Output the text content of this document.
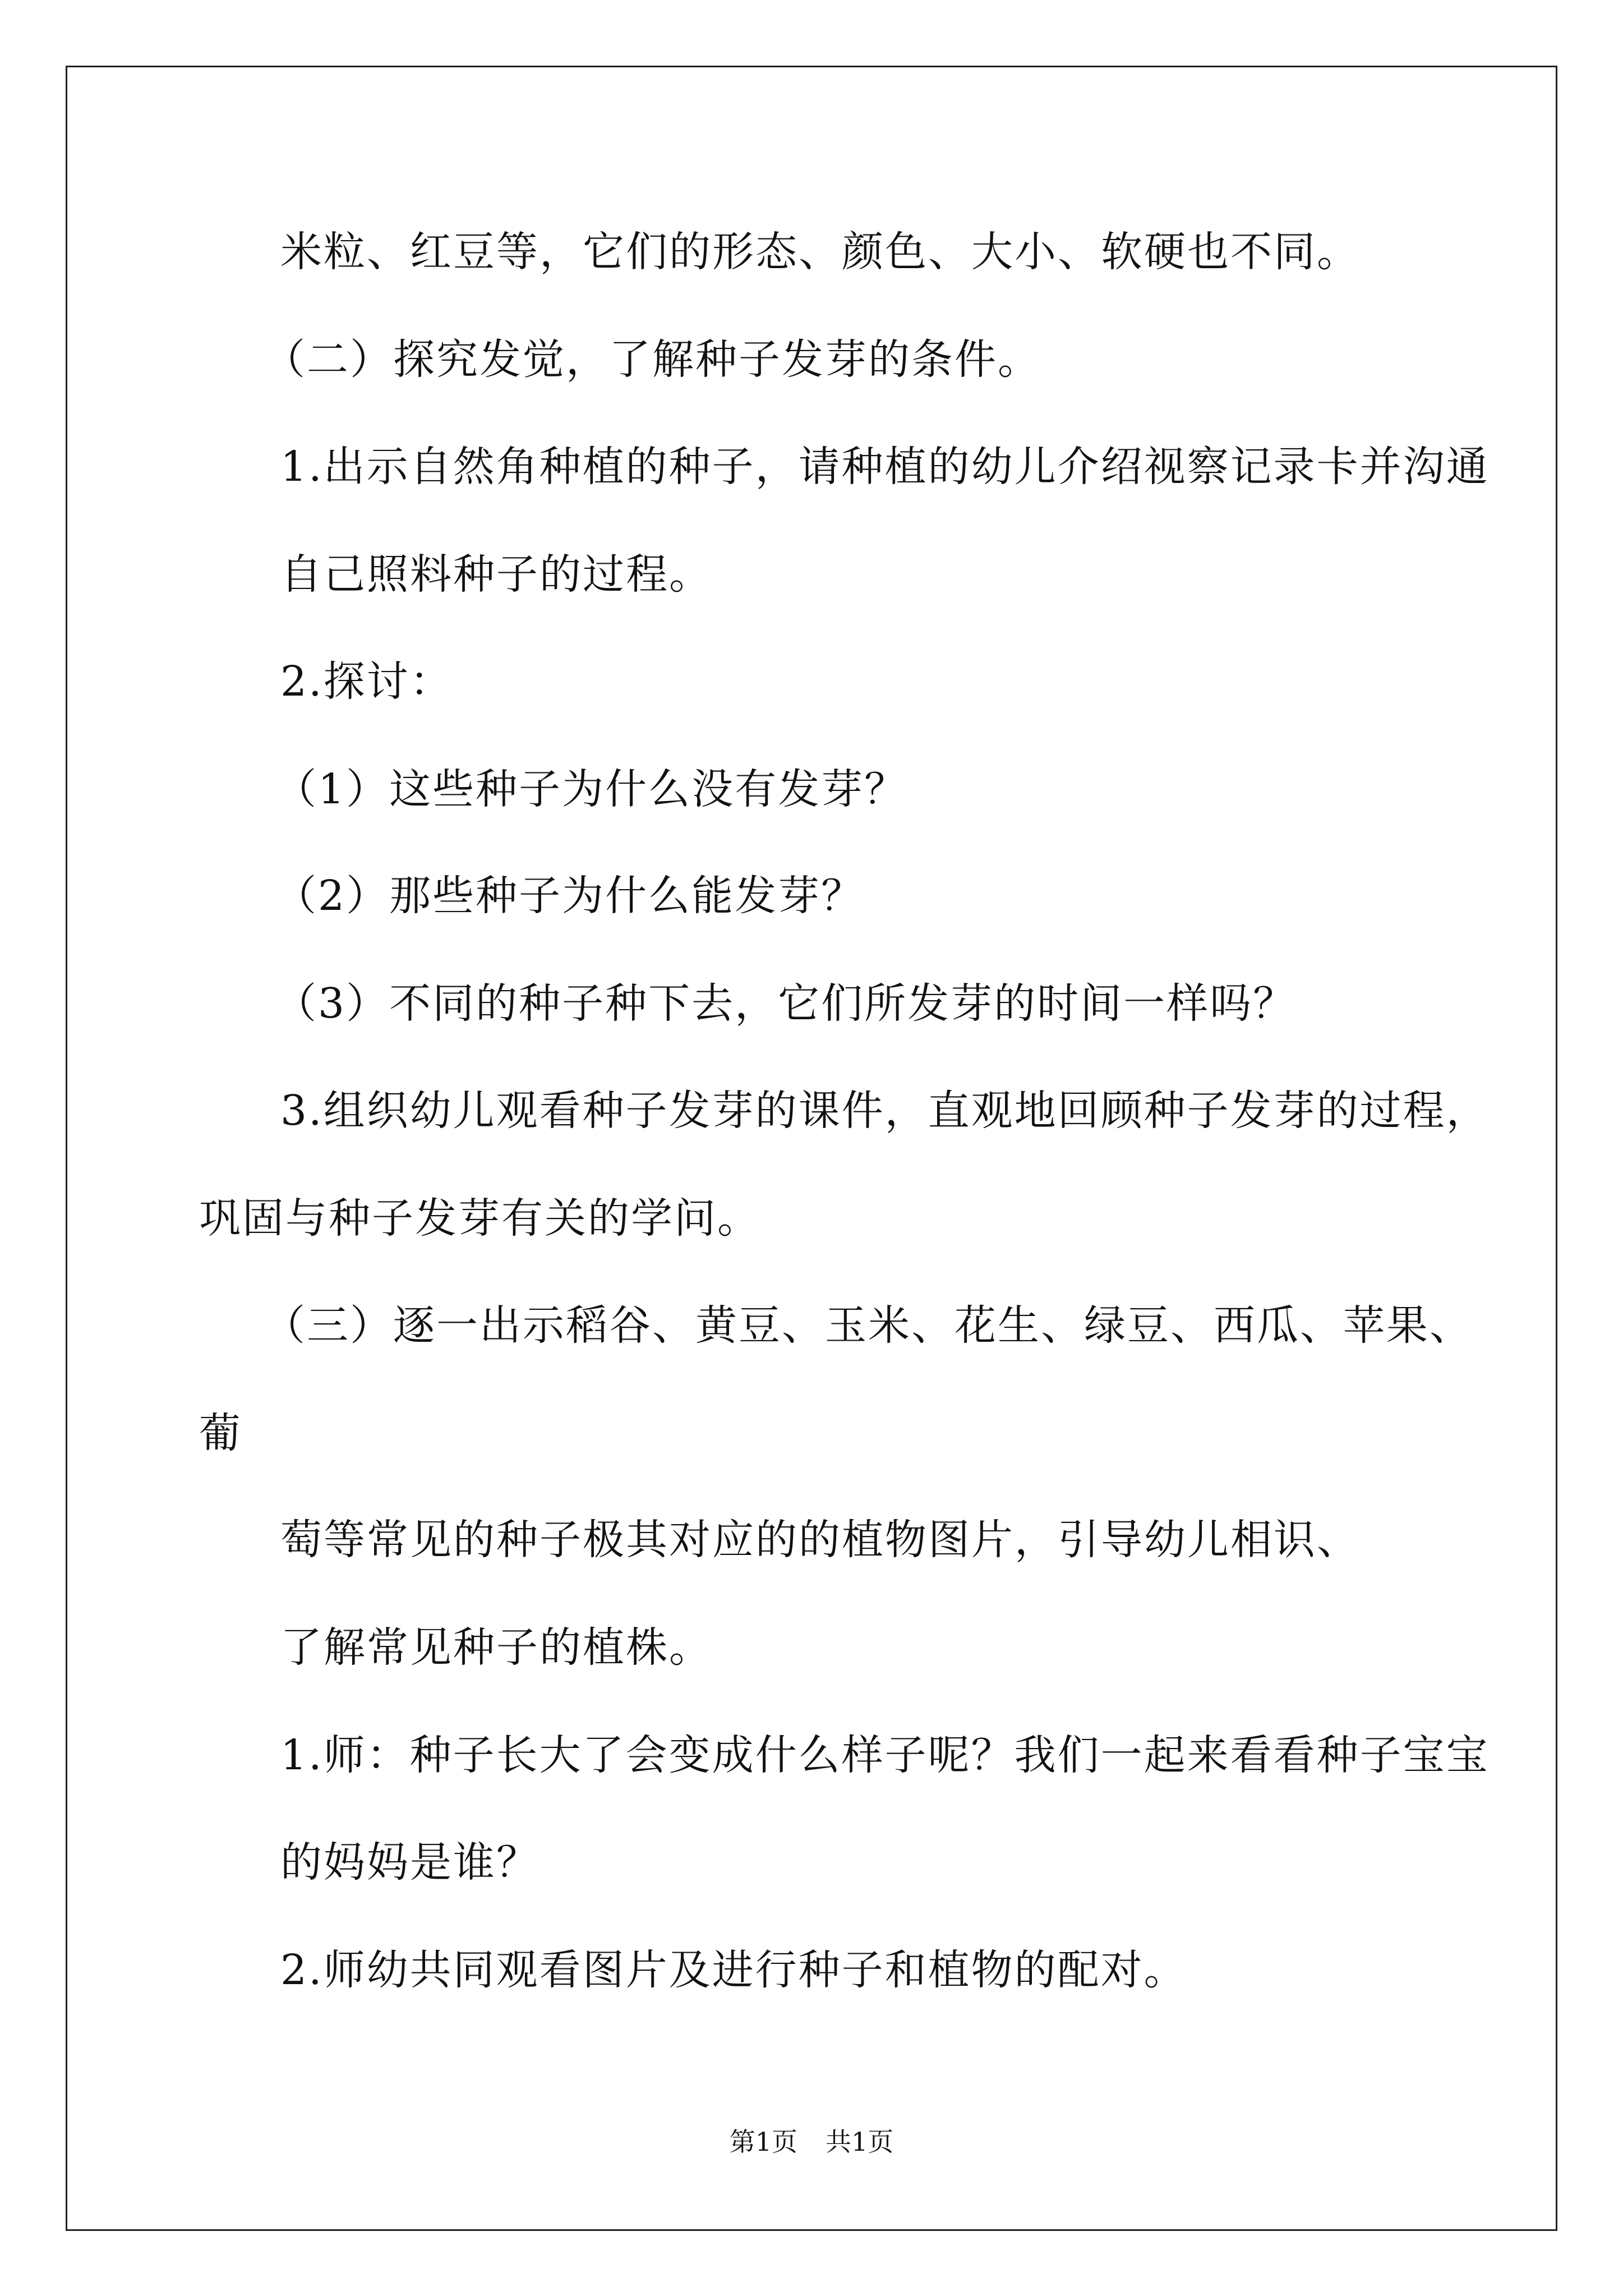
米粒、红豆等，它们的形态、颜色、大小、软硬也不同。
（二）探究发觉，了解种子发芽的条件。
1.出示自然角种植的种子，请种植的幼儿介绍视察记录卡并沟通
自己照料种子的过程。
2.探讨：
（1）这些种子为什么没有发芽？
（2）那些种子为什么能发芽？
（3）不同的种子种下去，它们所发芽的时间一样吗？
3.组织幼儿观看种子发芽的课件，直观地回顾种子发芽的过程，
巩固与种子发芽有关的学问。
（三）逐一出示稻谷、黄豆、玉米、花生、绿豆、西瓜、苹果、
葡
萄等常见的种子极其对应的的植物图片，引导幼儿相识、
了解常见种子的植株。
1.师：种子长大了会变成什么样子呢？我们一起来看看种子宝宝
的妈妈是谁？
2.师幼共同观看图片及进行种子和植物的配对。
第1页 共1页
